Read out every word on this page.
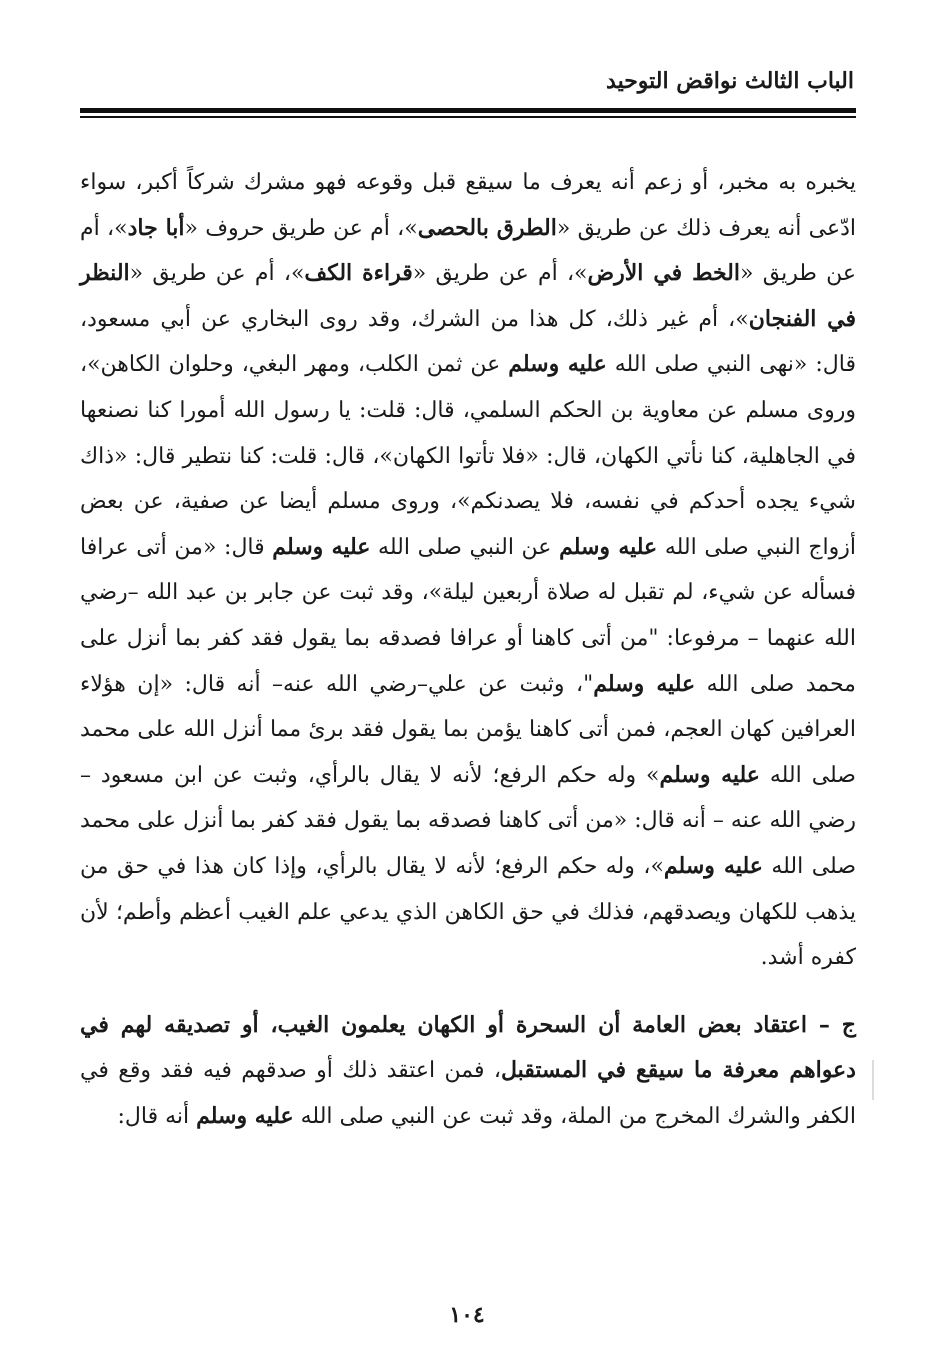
الباب الثالث نواقض التوحيد

يخبره به مخبر، أو زعم أنه يعرف ما سيقع قبل وقوعه فهو مشرك شركاً أكبر، سواء ادّعى أنه يعرف ذلك عن طريق «الطرق بالحصى»، أم عن طريق حروف «أبا جاد»، أم عن طريق «الخط في الأرض»، أم عن طريق «قراءة الكف»، أم عن طريق «النظر في الفنجان»، أم غير ذلك، كل هذا من الشرك، وقد روى البخاري عن أبي مسعود، قال: «نهى النبي صلى الله عليه وسلم عن ثمن الكلب، ومهر البغي، وحلوان الكاهن»، وروى مسلم عن معاوية بن الحكم السلمي، قال: قلت: يا رسول الله أمورا كنا نصنعها في الجاهلية، كنا نأتي الكهان، قال: «فلا تأتوا الكهان»، قال: قلت: كنا نتطير قال: «ذاك شيء يجده أحدكم في نفسه، فلا يصدنكم»، وروى مسلم أيضا عن صفية، عن بعض أزواج النبي صلى الله عليه وسلم عن النبي صلى الله عليه وسلم قال: «من أتى عرافا فسأله عن شيء، لم تقبل له صلاة أربعين ليلة»، وقد ثبت عن جابر بن عبد الله –رضي الله عنهما – مرفوعا: "من أتى كاهنا أو عرافا فصدقه بما يقول فقد كفر بما أنزل على محمد صلى الله عليه وسلم"، وثبت عن علي–رضي الله عنه– أنه قال: «إن هؤلاء العرافين كهان العجم، فمن أتى كاهنا يؤمن بما يقول فقد برئ مما أنزل الله على محمد صلى الله عليه وسلم» وله حكم الرفع؛ لأنه لا يقال بالرأي، وثبت عن ابن مسعود – رضي الله عنه – أنه قال: «من أتى كاهنا فصدقه بما يقول فقد كفر بما أنزل على محمد صلى الله عليه وسلم»، وله حكم الرفع؛ لأنه لا يقال بالرأي، وإذا كان هذا في حق من يذهب للكهان ويصدقهم، فذلك في حق الكاهن الذي يدعي علم الغيب أعظم وأطم؛ لأن كفره أشد.

ج – اعتقاد بعض العامة أن السحرة أو الكهان يعلمون الغيب، أو تصديقه لهم في دعواهم معرفة ما سيقع في المستقبل، فمن اعتقد ذلك أو صدقهم فيه فقد وقع في الكفر والشرك المخرج من الملة، وقد ثبت عن النبي صلى الله عليه وسلم أنه قال:

١٠٤
